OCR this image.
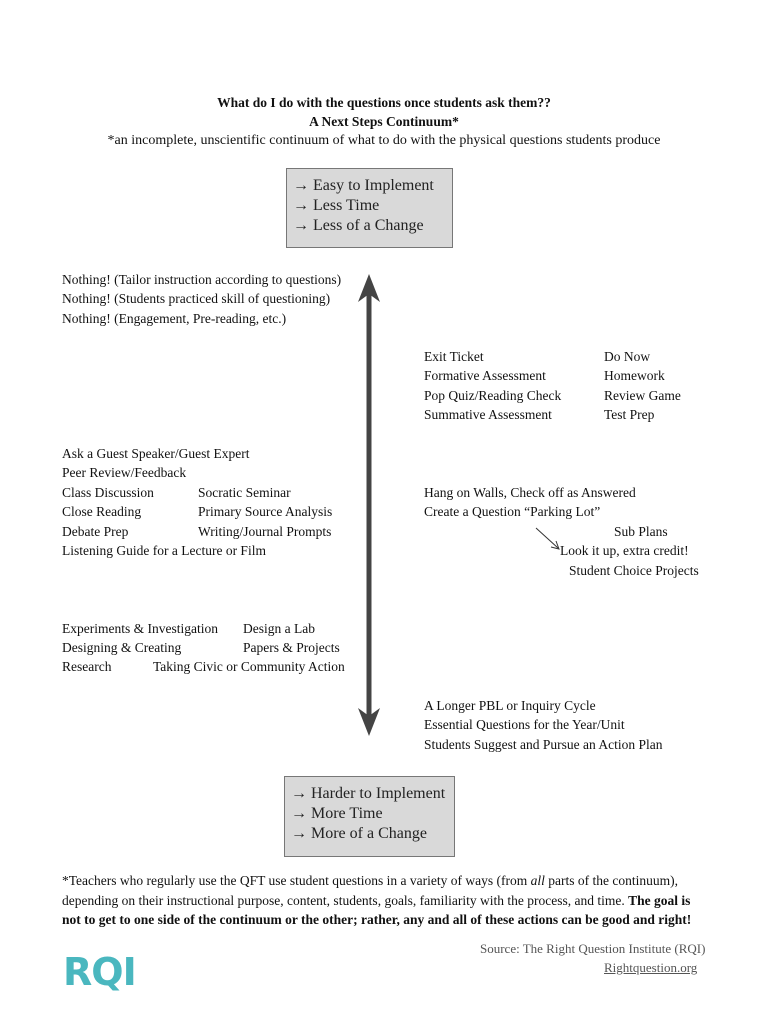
What do I do with the questions once students ask them??
A Next Steps Continuum*
*an incomplete, unscientific continuum of what to do with the physical questions students produce
→ Easy to Implement
→ Less Time
→ Less of a Change
Nothing! (Tailor instruction according to questions)
Nothing! (Students practiced skill of questioning)
Nothing! (Engagement, Pre-reading, etc.)
Exit Ticket
Formative Assessment
Pop Quiz/Reading Check
Summative Assessment
Do Now
Homework
Review Game
Test Prep
Ask a Guest Speaker/Guest Expert
Peer Review/Feedback
Class Discussion
Close Reading
Debate Prep
Socratic Seminar
Primary Source Analysis
Writing/Journal Prompts
Listening Guide for a Lecture or Film
Hang on Walls, Check off as Answered
Create a Question “Parking Lot”
Sub Plans
Look it up, extra credit!
Student Choice Projects
Experiments & Investigation Design a Lab
Designing & Creating	Papers & Projects
Research	Taking Civic or Community Action
A Longer PBL or Inquiry Cycle
Essential Questions for the Year/Unit
Students Suggest and Pursue an Action Plan
→ Harder to Implement
→ More Time
→ More of a Change
*Teachers who regularly use the QFT use student questions in a variety of ways (from all parts of the continuum), depending on their instructional purpose, content, students, goals, familiarity with the process, and time. The goal is not to get to one side of the continuum or the other; rather, any and all of these actions can be good and right!
RQI
Source: The Right Question Institute (RQI)
Rightquestion.org
